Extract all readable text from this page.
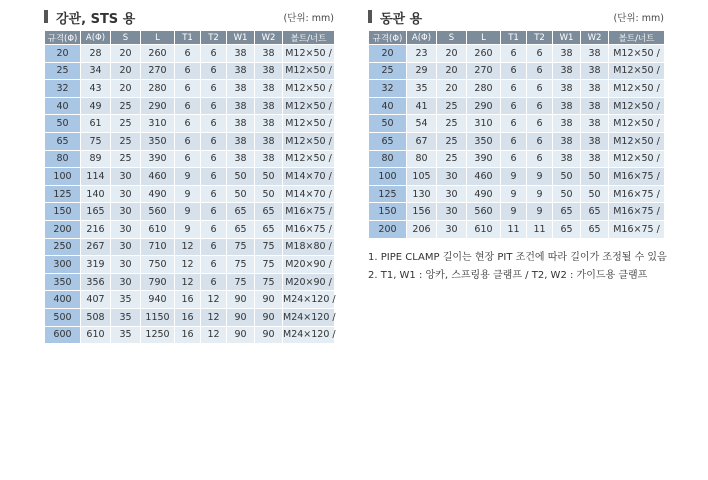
강관, STS 용	(단위: mm)
규격(Φ)	A(Φ)	S	L	T1	T2	W1	W2	볼트/너트
20	28	20	260	6	6	38	38	M12×50 /
25	34	20	270	6	6	38	38	M12×50 /
32	43	20	280	6	6	38	38	M12×50 /
40	49	25	290	6	6	38	38	M12×50 /
50	61	25	310	6	6	38	38	M12×50 /
65	75	25	350	6	6	38	38	M12×50 /
80	89	25	390	6	6	38	38	M12×50 /
100	114	30	460	9	6	50	50	M14×70 /
125	140	30	490	9	6	50	50	M14×70 /
150	165	30	560	9	6	65	65	M16×75 /
200	216	30	610	9	6	65	65	M16×75 /
250	267	30	710	12	6	75	75	M18×80 /
300	319	30	750	12	6	75	75	M20×90 /
350	356	30	790	12	6	75	75	M20×90 /
400	407	35	940	16	12	90	90	M24×120 /
500	508	35	1150	16	12	90	90	M24×120 /
600	610	35	1250	16	12	90	90	M24×120 /
동관 용	(단위: mm)
규격(Φ)	A(Φ)	S	L	T1	T2	W1	W2	볼트/너트
20	23	20	260	6	6	38	38	M12×50 /
25	29	20	270	6	6	38	38	M12×50 /
32	35	20	280	6	6	38	38	M12×50 /
40	41	25	290	6	6	38	38	M12×50 /
50	54	25	310	6	6	38	38	M12×50 /
65	67	25	350	6	6	38	38	M12×50 /
80	80	25	390	6	6	38	38	M12×50 /
100	105	30	460	9	9	50	50	M16×75 /
125	130	30	490	9	9	50	50	M16×75 /
150	156	30	560	9	9	65	65	M16×75 /
200	206	30	610	11	11	65	65	M16×75 /
1. PIPE CLAMP 길이는 현장 PIT 조건에 따라 길이가 조정될 수 있음
2. T1, W1 : 앙카, 스프링용 클램프 / T2, W2 : 가이드용 클램프
